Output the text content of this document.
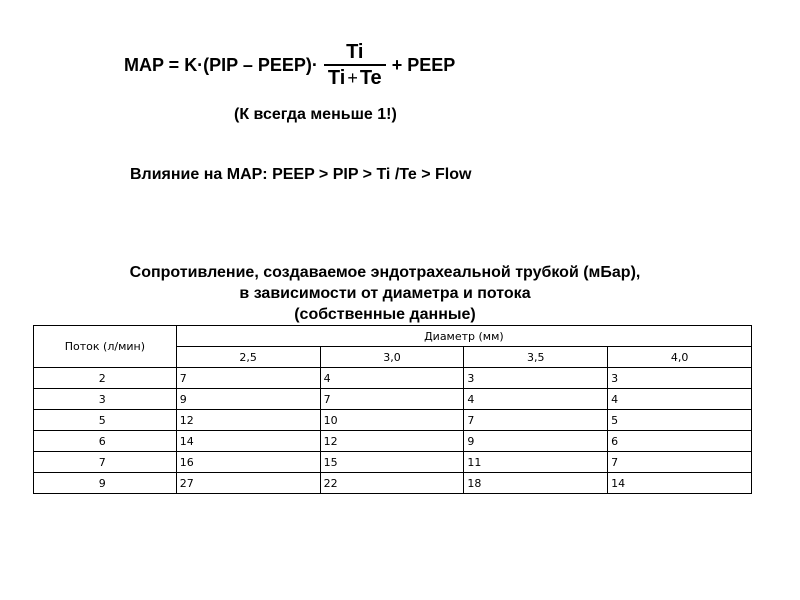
MAP = K·(PIP – PEEP)· $\frac{Ti}{Ti + Te}$ + PEEP
(К всегда меньше 1!)
Влияние на MAP: PEEP > PIP > Ti /Te > Flow
Сопротивление, создаваемое эндотрахеальной трубкой (мБар),
в зависимости от диаметра и потока
(собственные данные)
Поток (л/мин)	Диаметр (мм)			
	2,5	3,0	3,5	4,0
2	7	4	3	3
3	9	7	4	4
5	12	10	7	5
6	14	12	9	6
7	16	15	11	7
9	27	22	18	14
